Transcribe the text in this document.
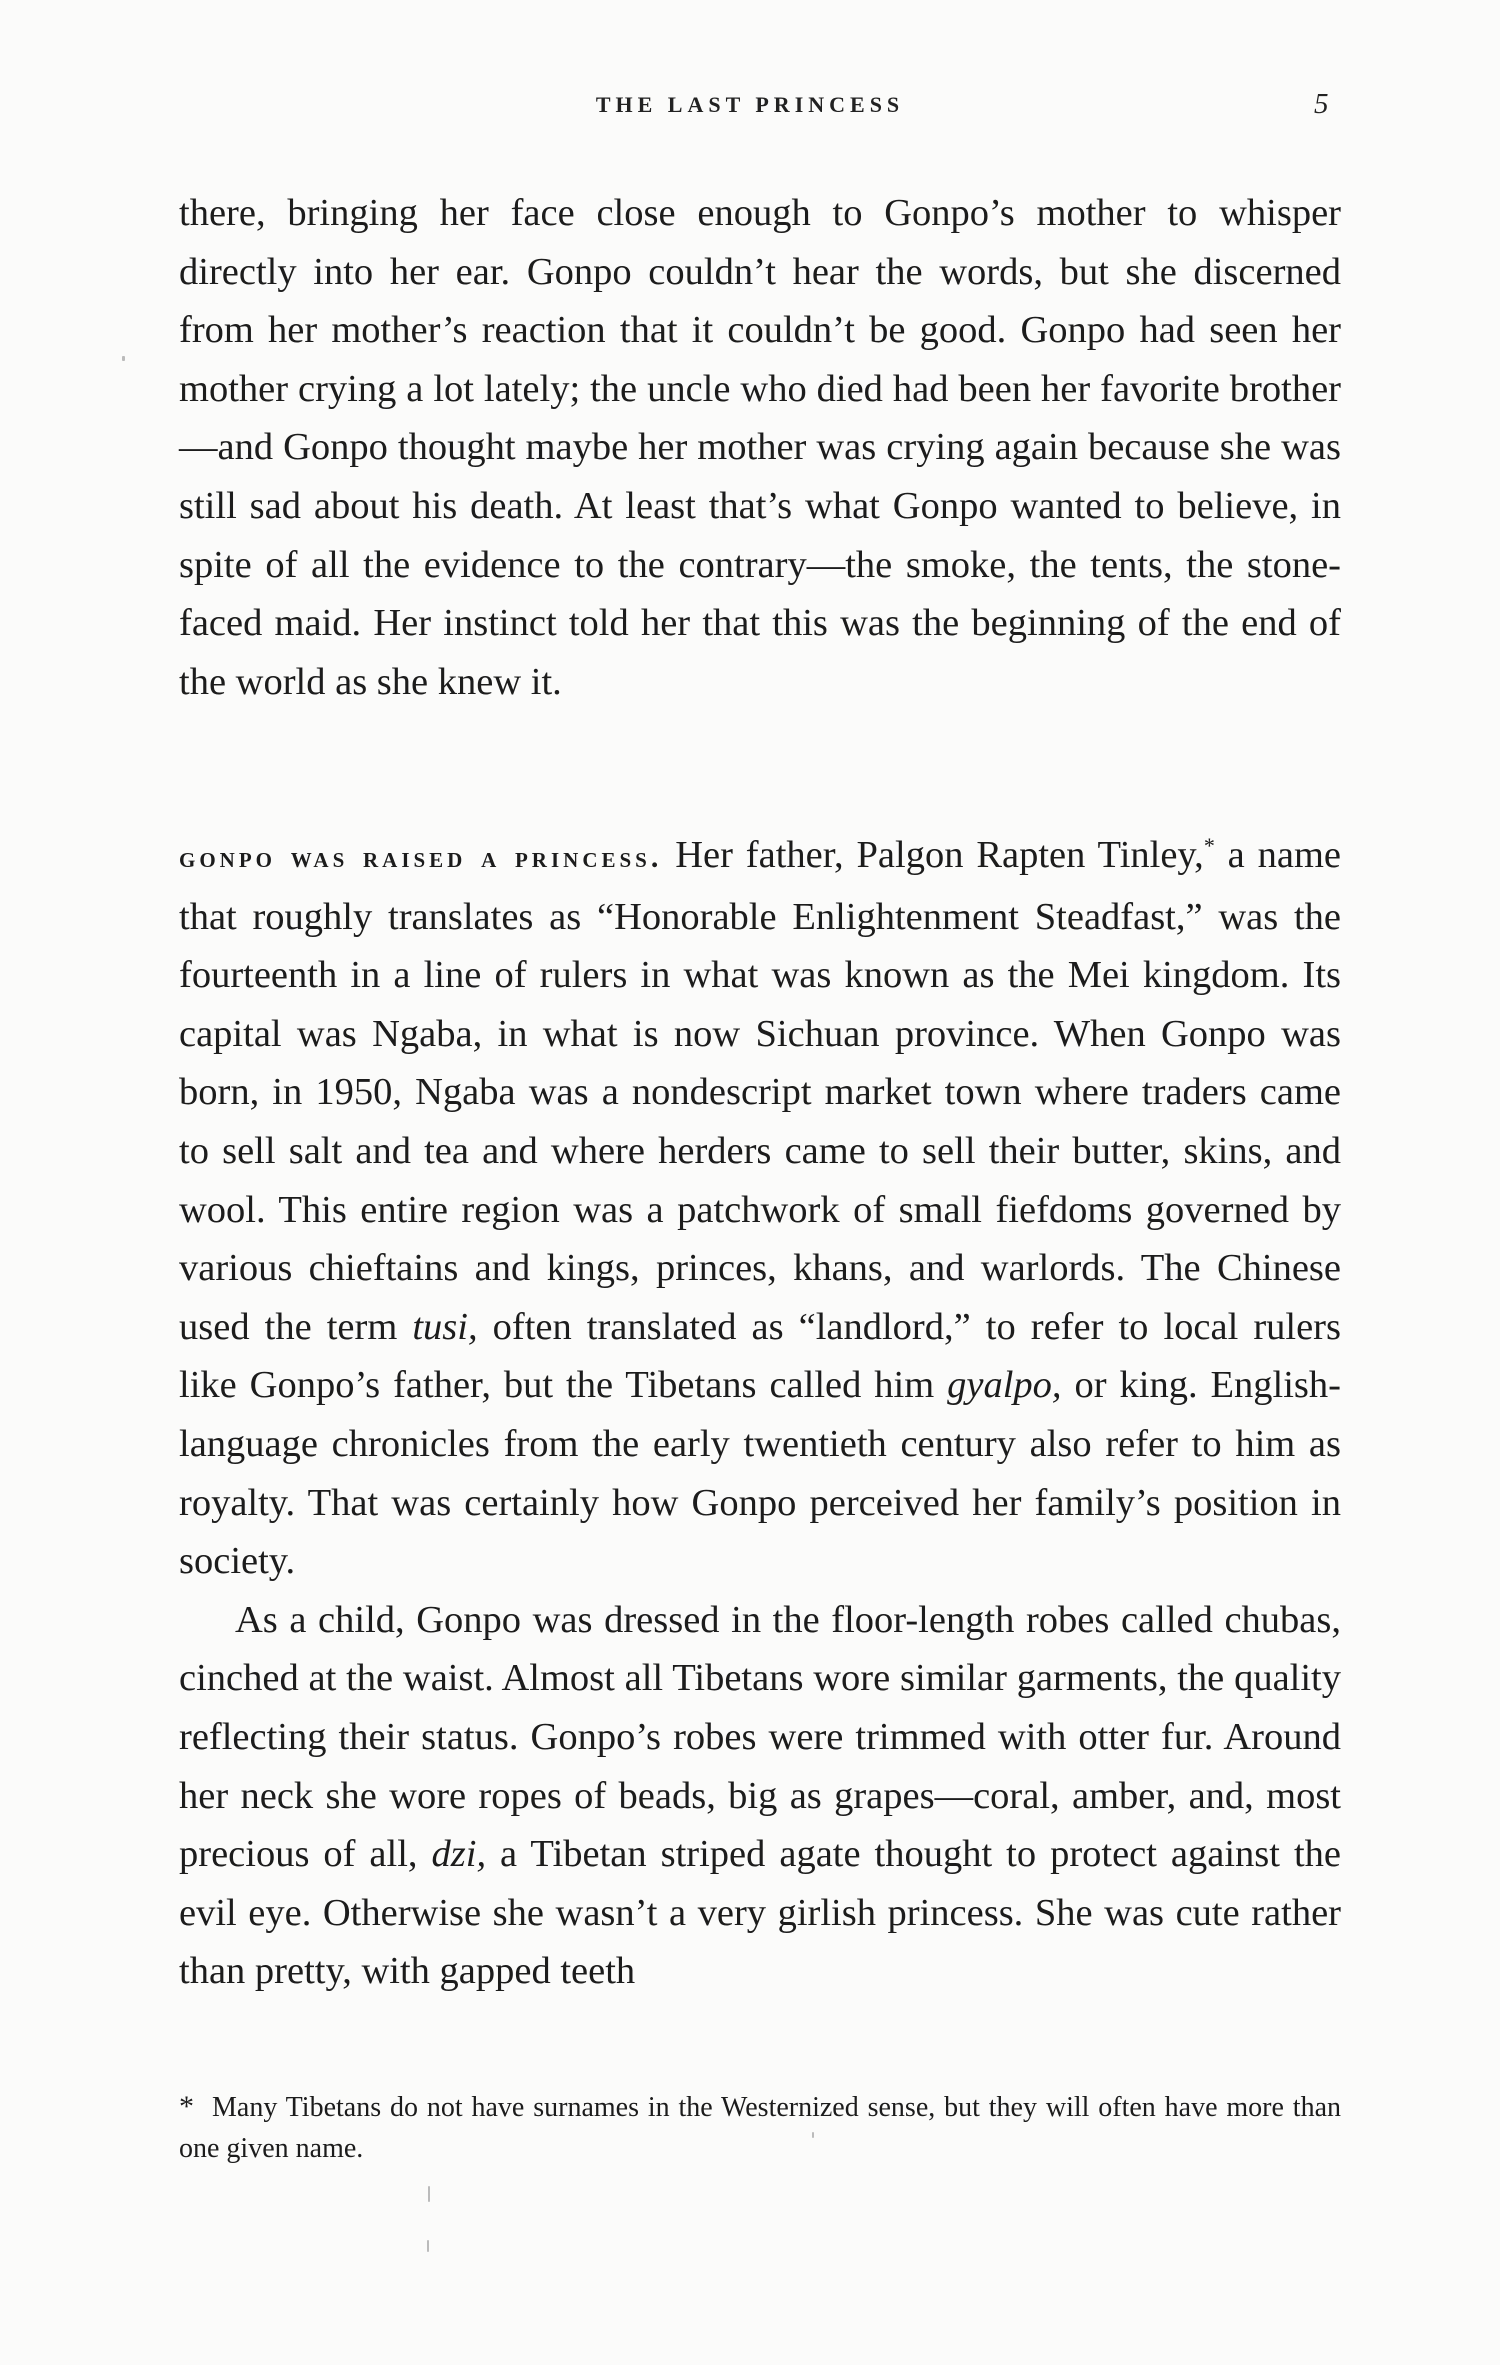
THE LAST PRINCESS	5

there, bringing her face close enough to Gonpo’s mother to whisper directly into her ear. Gonpo couldn’t hear the words, but she discerned from her mother’s reaction that it couldn’t be good. Gonpo had seen her mother crying a lot lately; the uncle who died had been her favorite brother—and Gonpo thought maybe her mother was crying again because she was still sad about his death. At least that’s what Gonpo wanted to believe, in spite of all the evidence to the contrary—the smoke, the tents, the stone-faced maid. Her instinct told her that this was the beginning of the end of the world as she knew it.

gonpo was raised a princess. Her father, Palgon Rapten Tinley,* a name that roughly translates as “Honorable Enlightenment Steadfast,” was the fourteenth in a line of rulers in what was known as the Mei kingdom. Its capital was Ngaba, in what is now Sichuan province. When Gonpo was born, in 1950, Ngaba was a nondescript market town where traders came to sell salt and tea and where herders came to sell their butter, skins, and wool. This entire region was a patchwork of small fiefdoms governed by various chieftains and kings, princes, khans, and warlords. The Chinese used the term tusi, often translated as “landlord,” to refer to local rulers like Gonpo’s father, but the Tibetans called him gyalpo, or king. English-language chronicles from the early twentieth century also refer to him as royalty. That was certainly how Gonpo perceived her family’s position in society.

As a child, Gonpo was dressed in the floor-length robes called chubas, cinched at the waist. Almost all Tibetans wore similar garments, the quality reflecting their status. Gonpo’s robes were trimmed with otter fur. Around her neck she wore ropes of beads, big as grapes—coral, amber, and, most precious of all, dzi, a Tibetan striped agate thought to protect against the evil eye. Otherwise she wasn’t a very girlish princess. She was cute rather than pretty, with gapped teeth

* Many Tibetans do not have surnames in the Westernized sense, but they will often have more than one given name.
